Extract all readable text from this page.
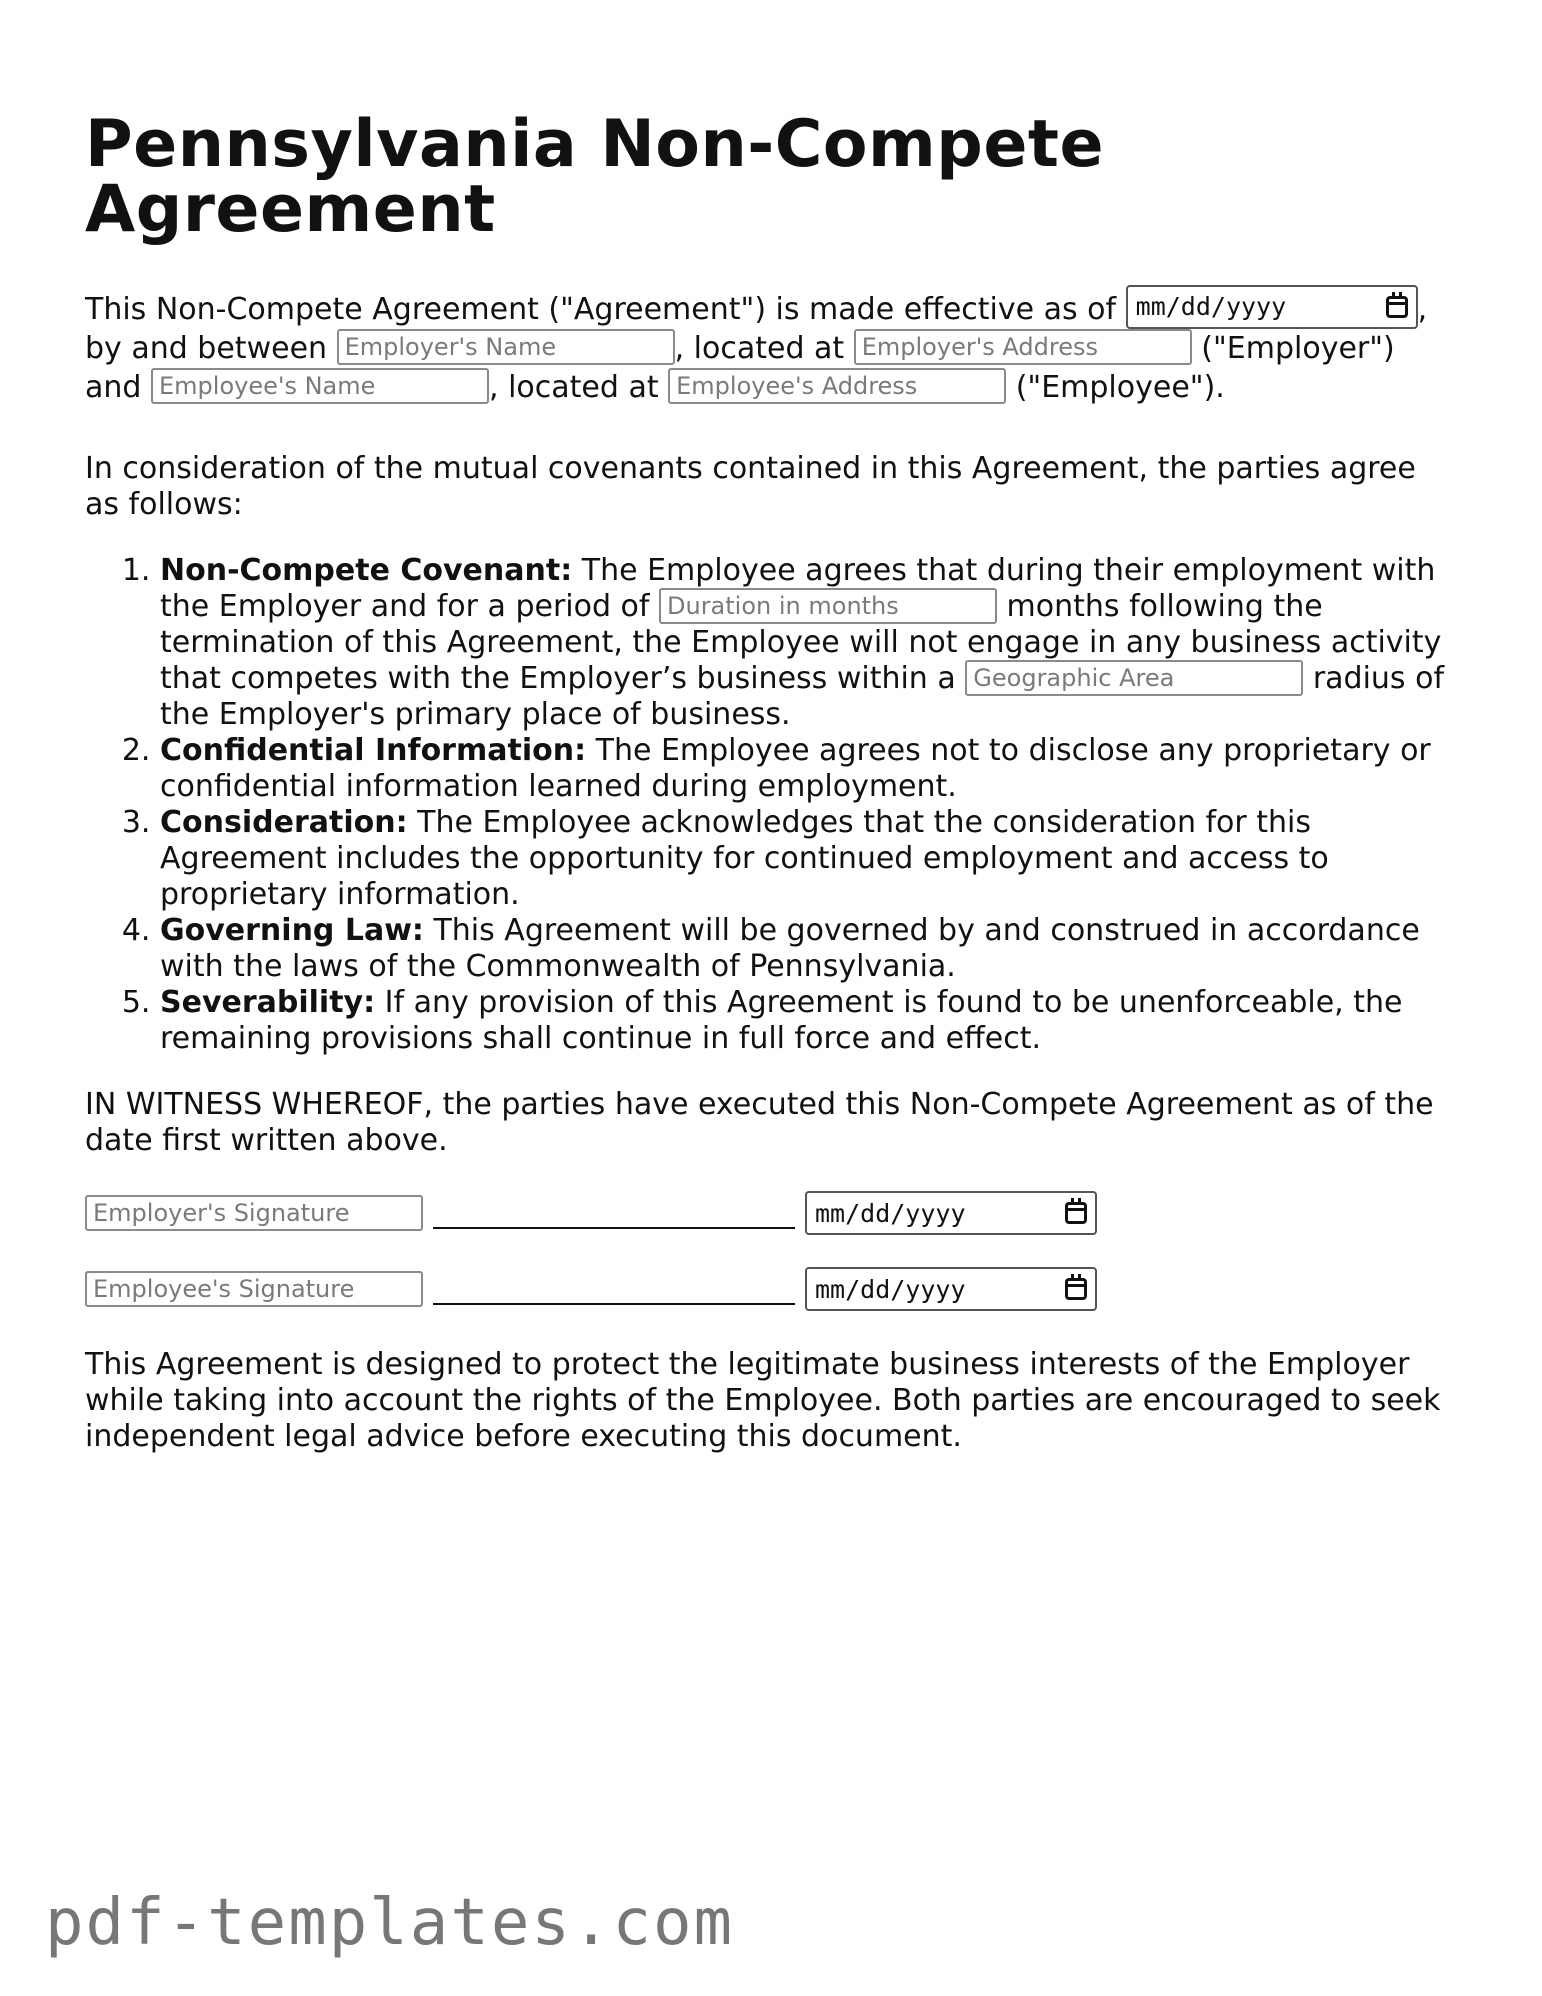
Pennsylvania Non-Compete Agreement
This Non-Compete Agreement ("Agreement") is made effective as of mm/dd/yyyy	,
by and between Employer's Name	, located at Employer's Address	("Employer")
and Employee's Name	, located at Employee's Address	("Employee").

In consideration of the mutual covenants contained in this Agreement, the parties agree as follows:

1. Non-Compete Covenant: The Employee agrees that during their employment with the Employer and for a period of Duration in months	months following the termination of this Agreement, the Employee will not engage in any business activity that competes with the Employer’s business within a Geographic Area	radius of the Employer's primary place of business.
2. Confidential Information: The Employee agrees not to disclose any proprietary or confidential information learned during employment.
3. Consideration: The Employee acknowledges that the consideration for this Agreement includes the opportunity for continued employment and access to proprietary information.
4. Governing Law: This Agreement will be governed by and construed in accordance with the laws of the Commonwealth of Pennsylvania.
5. Severability: If any provision of this Agreement is found to be unenforceable, the remaining provisions shall continue in full force and effect.

IN WITNESS WHEREOF, the parties have executed this Non-Compete Agreement as of the date first written above.

Employer's Signature
mm/dd/yyyy
Employee's Signature
mm/dd/yyyy

This Agreement is designed to protect the legitimate business interests of the Employer while taking into account the rights of the Employee. Both parties are encouraged to seek independent legal advice before executing this document.

pdf-templates.com
